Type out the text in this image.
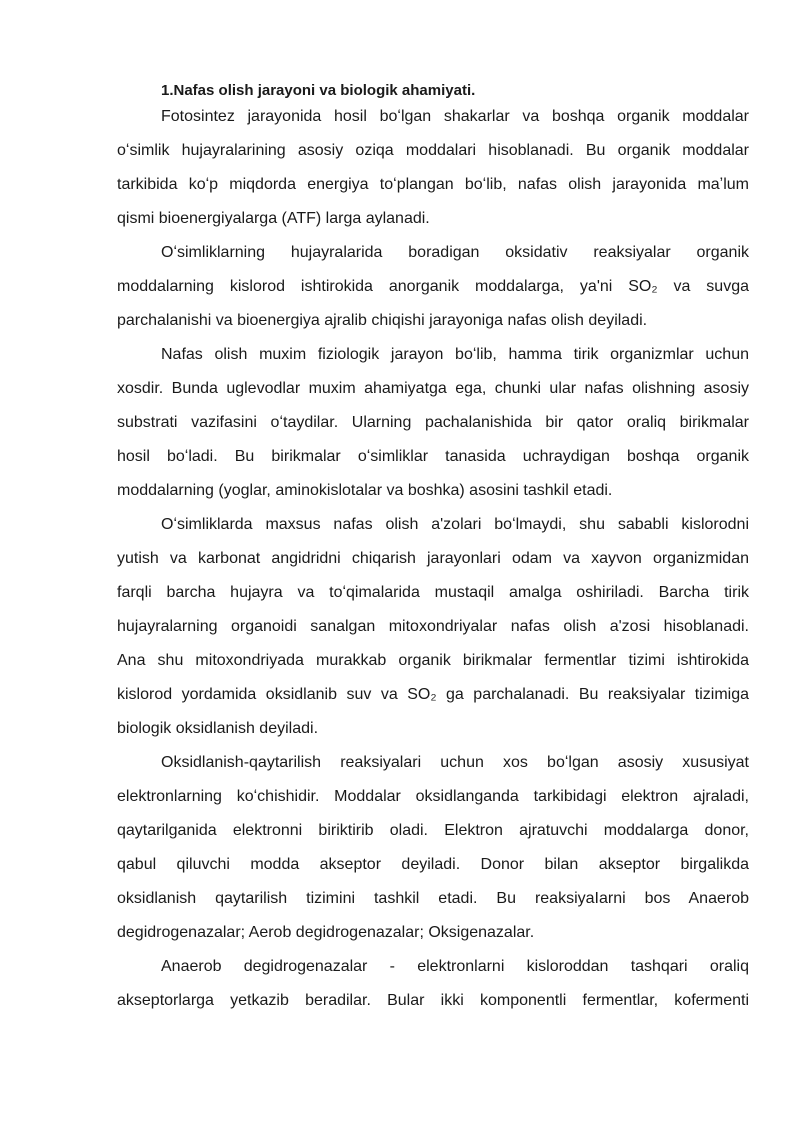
1.Nafas olish jarayoni va biologik ahamiyati.

Fotosintez jarayonida hosil boʻlgan shakarlar va boshqa organik moddalar
oʻsimlik hujayralarining asosiy oziqa moddalari hisoblanadi. Bu organik moddalar
tarkibida koʻp miqdorda energiya toʻplangan boʻlib, nafas olish jarayonida maʼlum
qismi bioenergiyalarga (ATF) larga aylanadi.
Oʻsimliklarning hujayralarida boradigan oksidativ reaksiyalar organik
moddalarning kislorod ishtirokida anorganik moddalarga, ya'ni SO₂ va suvga
parchalanishi va bioenergiya ajralib chiqishi jarayoniga nafas olish deyiladi.
Nafas olish muxim fiziologik jarayon boʻlib, hamma tirik organizmlar uchun
xosdir. Bunda uglevodlar muxim ahamiyatga ega, chunki ular nafas olishning asosiy
substrati vazifasini oʻtaydilar. Ularning pachalanishida bir qator oraliq birikmalar
hosil boʻladi. Bu birikmalar oʻsimliklar tanasida uchraydigan boshqa organik
moddalarning (yoglar, aminokislotalar va boshka) asosini tashkil etadi.
Oʻsimliklarda maxsus nafas olish a'zolari boʻlmaydi, shu sababli kislorodni
yutish va karbonat angidridni chiqarish jarayonlari odam va xayvon organizmidan
farqli barcha hujayra va toʻqimalarida mustaqil amalga oshiriladi. Barcha tirik
hujayralarning organoidi sanalgan mitoxondriyalar nafas olish a'zosi hisoblanadi.
Ana shu mitoxondriyada murakkab organik birikmalar fermentlar tizimi ishtirokida
kislorod yordamida oksidlanib suv va SO₂ ga parchalanadi. Bu reaksiyalar tizimiga
biologik oksidlanish deyiladi.
Oksidlanish-qaytarilish reaksiyalari uchun xos boʻlgan asosiy xususiyat
elektronlarning koʻchishidir. Moddalar oksidlanganda tarkibidagi elektron ajraladi,
qaytarilganida elektronni biriktirib oladi. Elektron ajratuvchi moddalarga donor,
qabul qiluvchi modda akseptor deyiladi. Donor bilan akseptor birgalikda
oksidlanish qaytarilish tizimini tashkil etadi. Bu reaksiyaIarni bos Anaerob
degidrogenazalar; Aerob degidrogenazalar; Oksigenazalar.
Anaerob degidrogenazalar - elektronlarni kisloroddan tashqari oraliq
akseptorlarga yetkazib beradilar. Bular ikki komponentli fermentlar, kofermentі
